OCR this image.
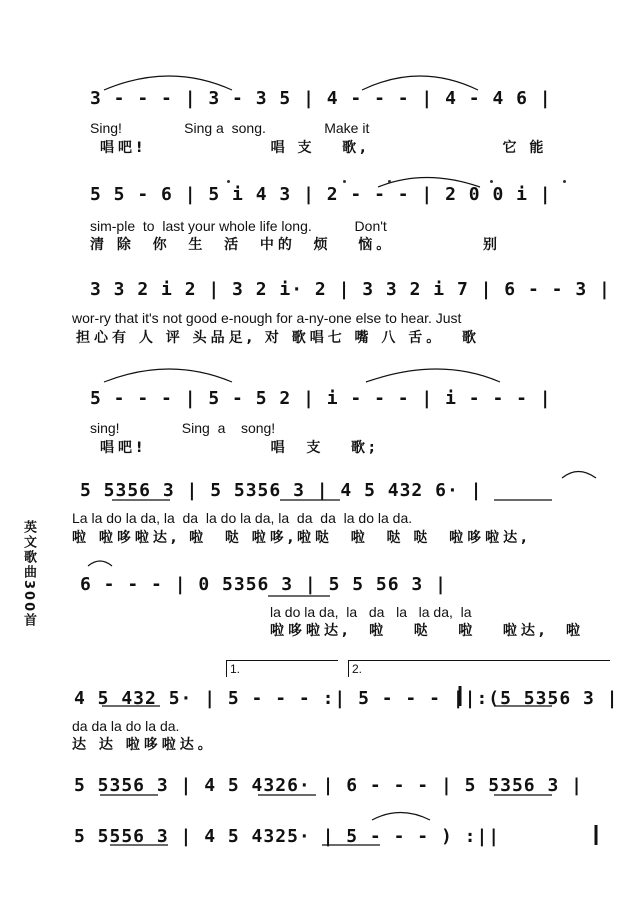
英文歌曲300首
3 - - - | 3 - 3 5 | 4 - - - | 4 - 4 6 |
Sing!                Sing a  song.               Make it
唱吧!              唱 支   歌,               它 能
5 5 - 6 | 5 i 4 3 | 2 - - - | 2 0 0 i |
sim-ple  to  last your whole life long.           Don't
清 除  你  生  活  中的  烦   恼。          别
3 3 2 i 2 | 3 2 i· 2 | 3 3 2 i 7 | 6 - - 3 |
wor-ry that it's not good e-nough for a-ny-one else to hear. Just
担心有 人 评 头品足, 对 歌唱七 嘴 八 舌。  歌
5 - - - | 5 - 5 2 | i - - - | i - - - |
sing!                Sing  a    song!
唱吧!              唱  支   歌;
5 5356 3 | 5 5356 3 | 4 5 432 6· |
La la do la da, la  da  la do la da, la  da  da  la do la da.
啦 啦哆啦达, 啦  哒 啦哆,啦哒  啦  哒 哒  啦哆啦达,
6 - - - | 0 5356 3 | 5 5 56 3 |
la do la da,  la   da   la   la da,  la
啦哆啦达,  啦   哒   啦   啦达,  啦
1.	2.
4 5 432 5· | 5 - - - :| 5 - - - ||:(5 5356 3 |
da da la do la da.
达 达 啦哆啦达。
5 5356 3 | 4 5 4326· | 6 - - - | 5 5356 3 |
5 5556 3 | 4 5 4325· | 5 - - - ) :||
